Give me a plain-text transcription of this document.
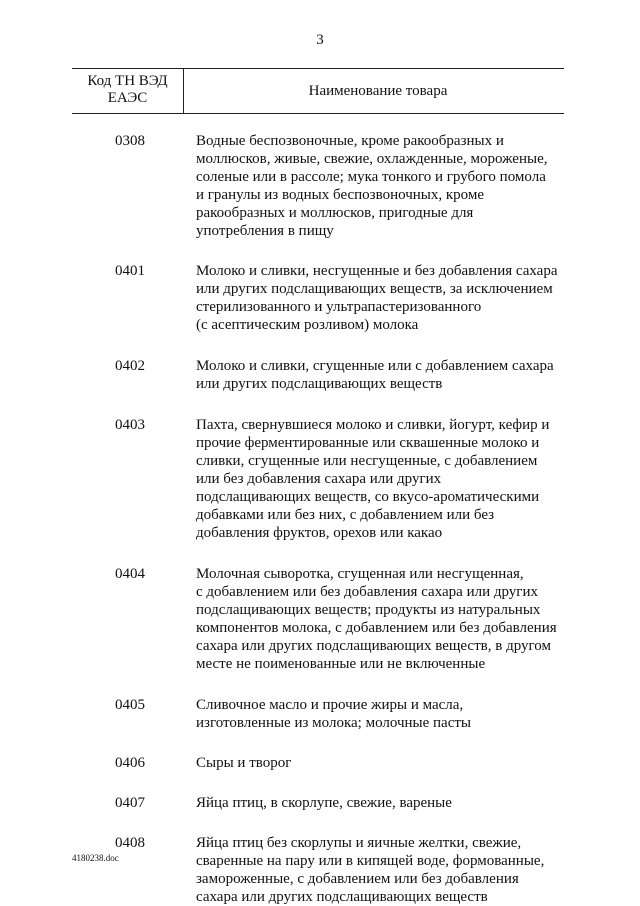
3
Код ТН ВЭД
ЕАЭС	Наименование товара
0308	Водные беспозвоночные, кроме ракообразных и
моллюсков, живые, свежие, охлажденные, мороженые,
соленые или в рассоле; мука тонкого и грубого помола
и гранулы из водных беспозвоночных, кроме
ракообразных и моллюсков, пригодные для
употребления в пищу
0401	Молоко и сливки, несгущенные и без добавления сахара
или других подслащивающих веществ, за исключением
стерилизованного и ультрапастеризованного
(с асептическим розливом) молока
0402	Молоко и сливки, сгущенные или с добавлением сахара
или других подслащивающих веществ
0403	Пахта, свернувшиеся молоко и сливки, йогурт, кефир и
прочие ферментированные или сквашенные молоко и
сливки, сгущенные или несгущенные, с добавлением
или без добавления сахара или других
подслащивающих веществ, со вкусо-ароматическими
добавками или без них, с добавлением или без
добавления фруктов, орехов или какао
0404	Молочная сыворотка, сгущенная или несгущенная,
с добавлением или без добавления сахара или других
подслащивающих веществ; продукты из натуральных
компонентов молока, с добавлением или без добавления
сахара или других подслащивающих веществ, в другом
месте не поименованные или не включенные
0405	Сливочное масло и прочие жиры и масла,
изготовленные из молока; молочные пасты
0406	Сыры и творог
0407	Яйца птиц, в скорлупе, свежие, вареные
0408	Яйца птиц без скорлупы и яичные желтки, свежие,
сваренные на пару или в кипящей воде, формованные,
замороженные, с добавлением или без добавления
сахара или других подслащивающих веществ
4180238.doc
